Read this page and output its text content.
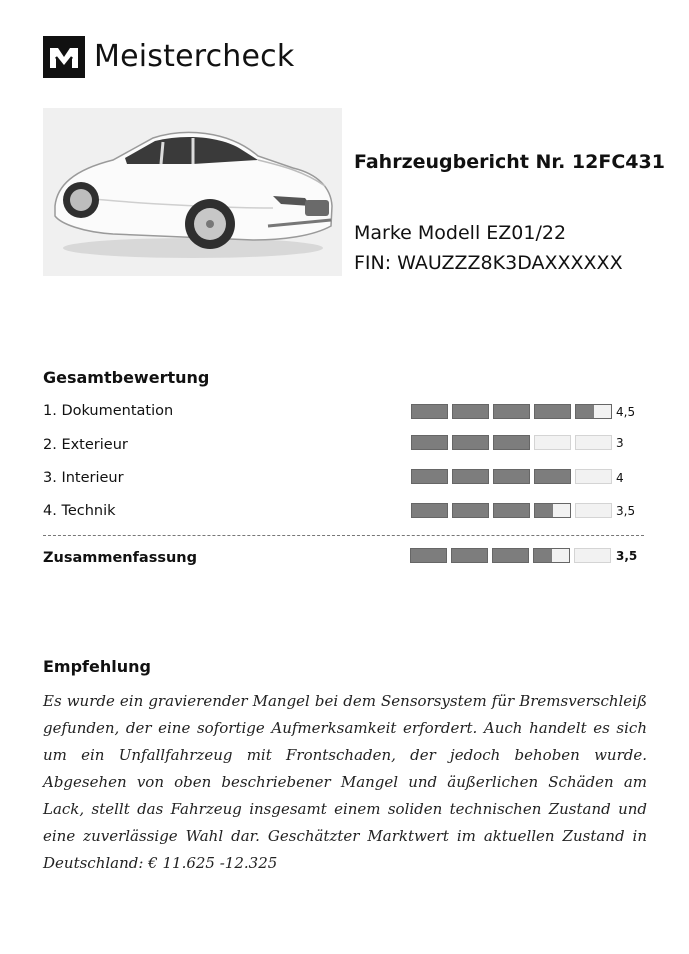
Meistercheck
Fahrzeugbericht Nr. 12FC431
Marke Modell EZ01/22
FIN: WAUZZZ8K3DAXXXXXX
Gesamtbewertung
1. Dokumentation	4,5
2. Exterieur	3
3. Interieur	4
4. Technik	3,5
Zusammenfassung	3,5
Empfehlung
Es wurde ein gravierender Mangel bei dem Sensorsystem für Bremsverschleiß gefunden, der eine sofortige Aufmerksamkeit erfordert. Auch handelt es sich um ein Unfallfahrzeug mit Frontschaden, der jedoch behoben wurde. Abgesehen von oben beschriebener Mangel und äußerlichen Schäden am Lack, stellt das Fahrzeug insgesamt einem soliden technischen Zustand und eine zuverlässige Wahl dar. Geschätzter Marktwert im aktuellen Zustand in Deutschland: € 11.625 -12.325
